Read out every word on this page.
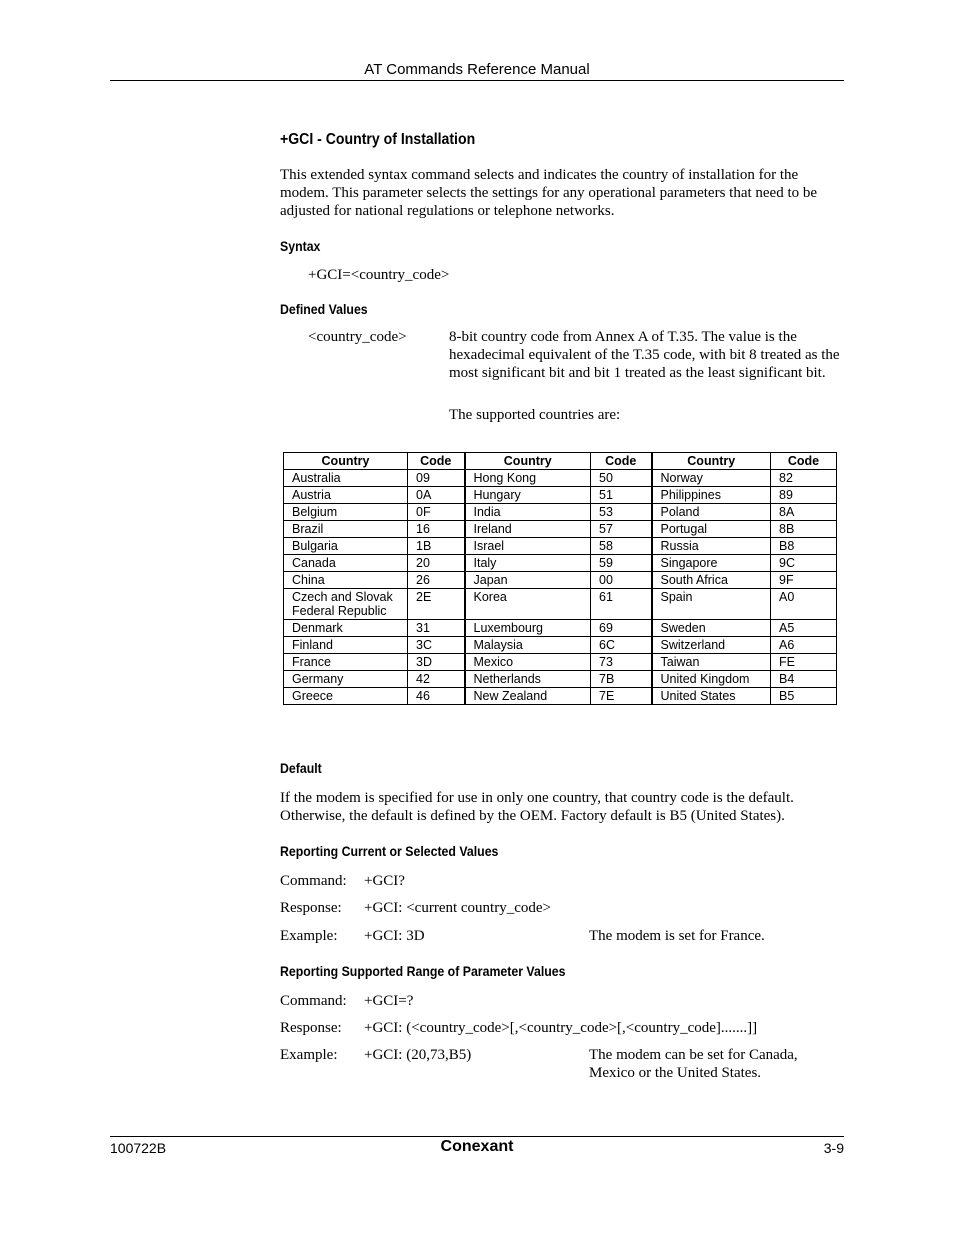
AT Commands Reference Manual
+GCI - Country of Installation
This extended syntax command selects and indicates the country of installation for the modem. This parameter selects the settings for any operational parameters that need to be adjusted for national regulations or telephone networks.
Syntax
+GCI=<country_code>
Defined Values
<country_code>	8-bit country code from Annex A of T.35. The value is the hexadecimal equivalent of the T.35 code, with bit 8 treated as the most significant bit and bit 1 treated as the least significant bit.
The supported countries are:
Country	Code	Country	Code	Country	Code
Australia	09	Hong Kong	50	Norway	82
Austria	0A	Hungary	51	Philippines	89
Belgium	0F	India	53	Poland	8A
Brazil	16	Ireland	57	Portugal	8B
Bulgaria	1B	Israel	58	Russia	B8
Canada	20	Italy	59	Singapore	9C
China	26	Japan	00	South Africa	9F
Czech and Slovak Federal Republic	2E	Korea	61	Spain	A0
Denmark	31	Luxembourg	69	Sweden	A5
Finland	3C	Malaysia	6C	Switzerland	A6
France	3D	Mexico	73	Taiwan	FE
Germany	42	Netherlands	7B	United Kingdom	B4
Greece	46	New Zealand	7E	United States	B5
Default
If the modem is specified for use in only one country, that country code is the default. Otherwise, the default is defined by the OEM. Factory default is B5 (United States).
Reporting Current or Selected Values
Command: +GCI?
Response: +GCI: <current country_code>
Example: +GCI: 3D	The modem is set for France.
Reporting Supported Range of Parameter Values
Command: +GCI=?
Response: +GCI: (<country_code>[,<country_code>[,<country_code].......]]
Example: +GCI: (20,73,B5)	The modem can be set for Canada, Mexico or the United States.
100722B	Conexant	3-9
